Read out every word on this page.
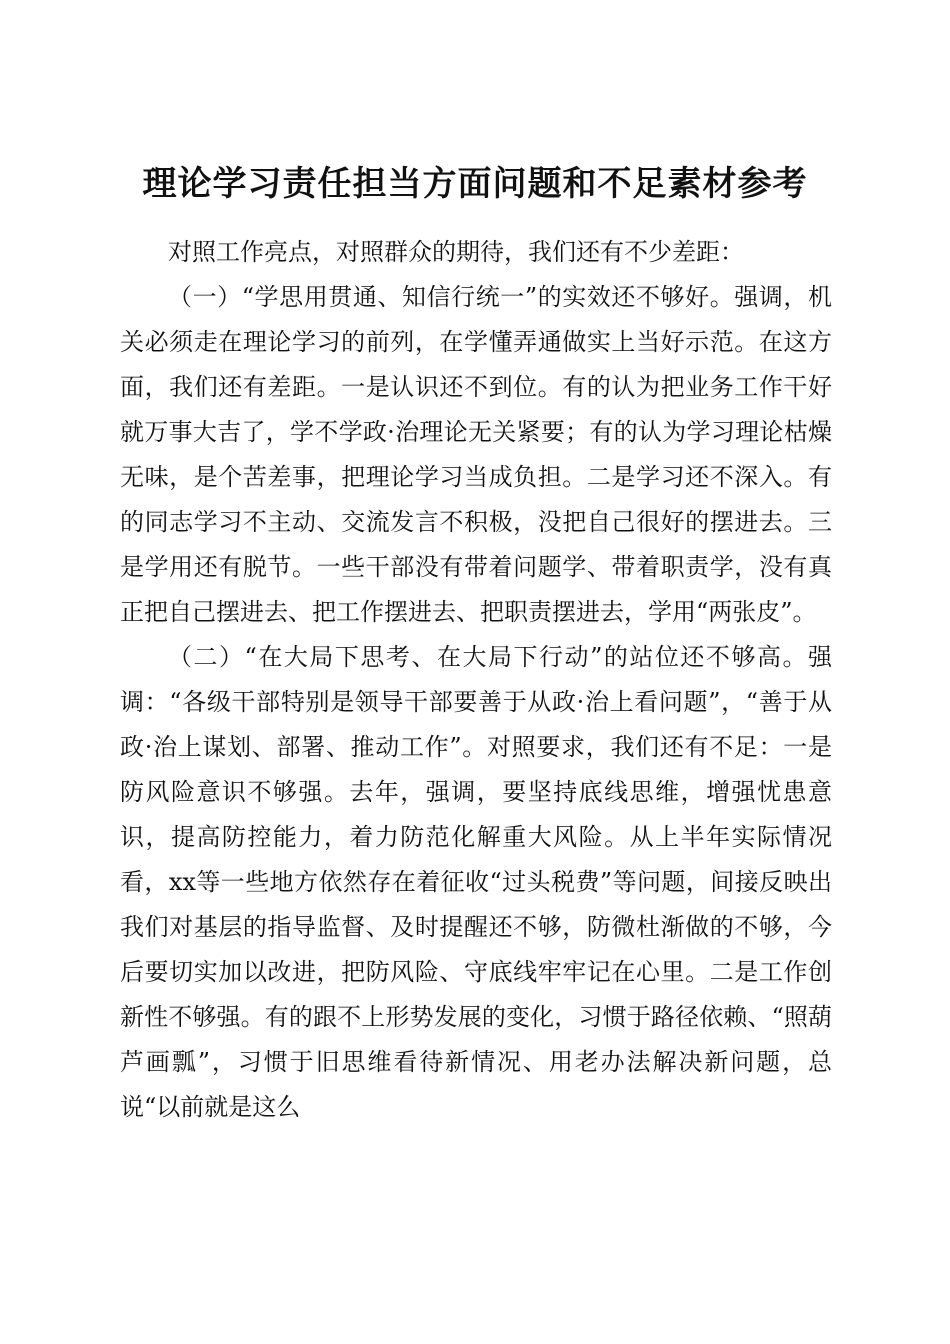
理论学习责任担当方面问题和不足素材参考

对照工作亮点，对照群众的期待，我们还有不少差距：

（一）“学思用贯通、知信行统一”的实效还不够好。强调，机关必须走在理论学习的前列，在学懂弄通做实上当好示范。在这方面，我们还有差距。一是认识还不到位。有的认为把业务工作干好就万事大吉了，学不学政·治理论无关紧要；有的认为学习理论枯燥无味，是个苦差事，把理论学习当成负担。二是学习还不深入。有的同志学习不主动、交流发言不积极，没把自己很好的摆进去。三是学用还有脱节。一些干部没有带着问题学、带着职责学，没有真正把自己摆进去、把工作摆进去、把职责摆进去，学用“两张皮”。

（二）“在大局下思考、在大局下行动”的站位还不够高。强调：“各级干部特别是领导干部要善于从政·治上看问题”，“善于从政·治上谋划、部署、推动工作”。对照要求，我们还有不足：一是防风险意识不够强。去年，强调，要坚持底线思维，增强忧患意识，提高防控能力，着力防范化解重大风险。从上半年实际情况看，xx等一些地方依然存在着征收“过头税费”等问题，间接反映出我们对基层的指导监督、及时提醒还不够，防微杜渐做的不够，今后要切实加以改进，把防风险、守底线牢牢记在心里。二是工作创新性不够强。有的跟不上形势发展的变化，习惯于路径依赖、“照葫芦画瓢”，习惯于旧思维看待新情况、用老办法解决新问题，总说“以前就是这么
